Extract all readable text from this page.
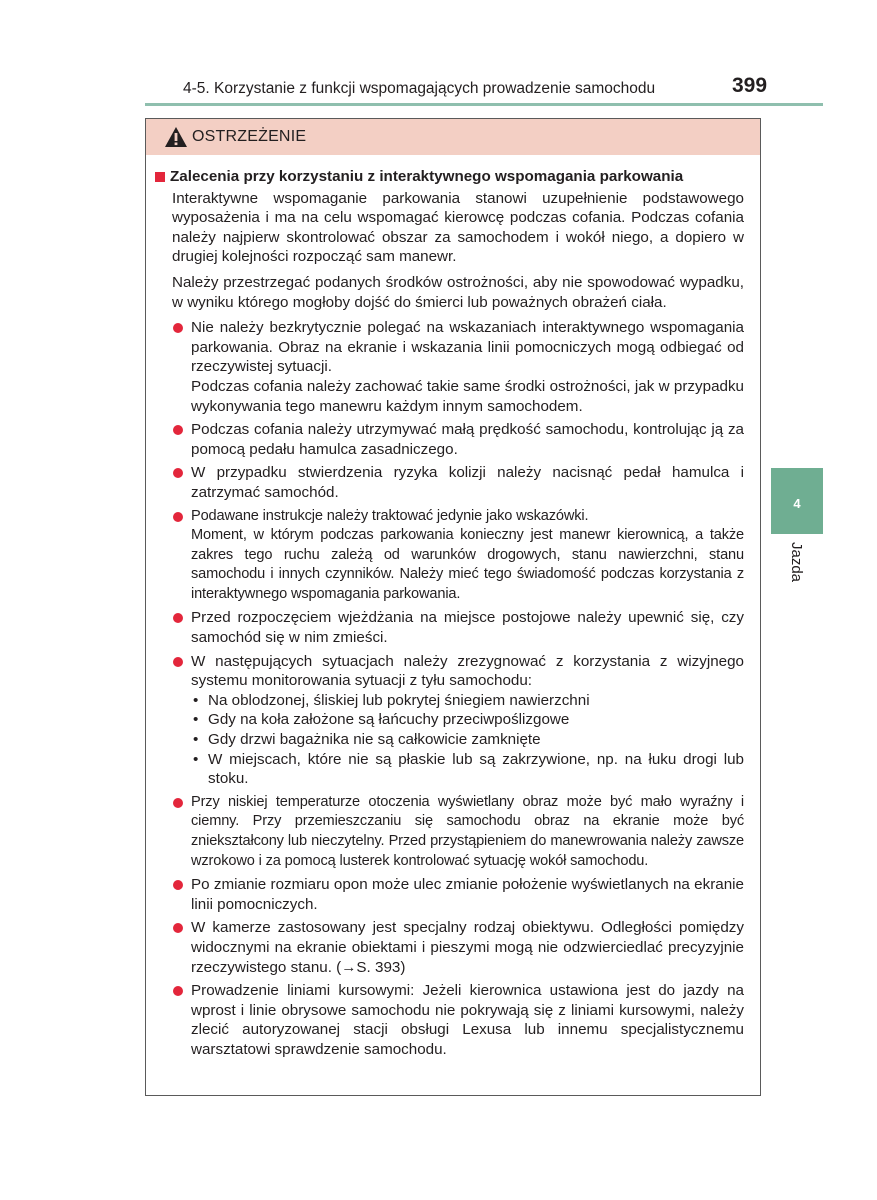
4-5. Korzystanie z funkcji wspomagających prowadzenie samochodu	399
4
Jazda
OSTRZEŻENIE
Zalecenia przy korzystaniu z interaktywnego wspomagania parkowania
Interaktywne wspomaganie parkowania stanowi uzupełnienie podstawowego wyposażenia i ma na celu wspomagać kierowcę podczas cofania. Podczas cofania należy najpierw skontrolować obszar za samochodem i wokół niego, a dopiero w drugiej kolejności rozpocząć sam manewr.
Należy przestrzegać podanych środków ostrożności, aby nie spowodować wypadku, w wyniku którego mogłoby dojść do śmierci lub poważnych obrażeń ciała.

Nie należy bezkrytycznie polegać na wskazaniach interaktywnego wspomagania parkowania. Obraz na ekranie i wskazania linii pomocniczych mogą odbiegać od rzeczywistej sytuacji.

Podczas cofania należy zachować takie same środki ostrożności, jak w przypadku wykonywania tego manewru każdym innym samochodem.

Podczas cofania należy utrzymywać małą prędkość samochodu, kontrolując ją za pomocą pedału hamulca zasadniczego.

W przypadku stwierdzenia ryzyka kolizji należy nacisnąć pedał hamulca i zatrzymać samochód.

Podawane instrukcje należy traktować jedynie jako wskazówki.

Moment, w którym podczas parkowania konieczny jest manewr kierownicą, a także zakres tego ruchu zależą od warunków drogowych, stanu nawierzchni, stanu samochodu i innych czynników. Należy mieć tego świadomość podczas korzystania z interaktywnego wspomagania parkowania.

Przed rozpoczęciem wjeżdżania na miejsce postojowe należy upewnić się, czy samochód się w nim zmieści.

W następujących sytuacjach należy zrezygnować z korzystania z wizyjnego systemu monitorowania sytuacji z tyłu samochodu:

• Na oblodzonej, śliskiej lub pokrytej śniegiem nawierzchni
• Gdy na koła założone są łańcuchy przeciwpoślizgowe
• Gdy drzwi bagażnika nie są całkowicie zamknięte
• W miejscach, które nie są płaskie lub są zakrzywione, np. na łuku drogi lub stoku.

Przy niskiej temperaturze otoczenia wyświetlany obraz może być mało wyraźny i ciemny. Przy przemieszczaniu się samochodu obraz na ekranie może być zniekształcony lub nieczytelny. Przed przystąpieniem do manewrowania należy zawsze wzrokowo i za pomocą lusterek kontrolować sytuację wokół samochodu.

Po zmianie rozmiaru opon może ulec zmianie położenie wyświetlanych na ekranie linii pomocniczych.

W kamerze zastosowany jest specjalny rodzaj obiektywu. Odległości pomiędzy widocznymi na ekranie obiektami i pieszymi mogą nie odzwierciedlać precyzyjnie rzeczywistego stanu. (→S. 393)

Prowadzenie liniami kursowymi: Jeżeli kierownica ustawiona jest do jazdy na wprost i linie obrysowe samochodu nie pokrywają się z liniami kursowymi, należy zlecić autoryzowanej stacji obsługi Lexusa lub innemu specjalistycznemu warsztatowi sprawdzenie samochodu.
